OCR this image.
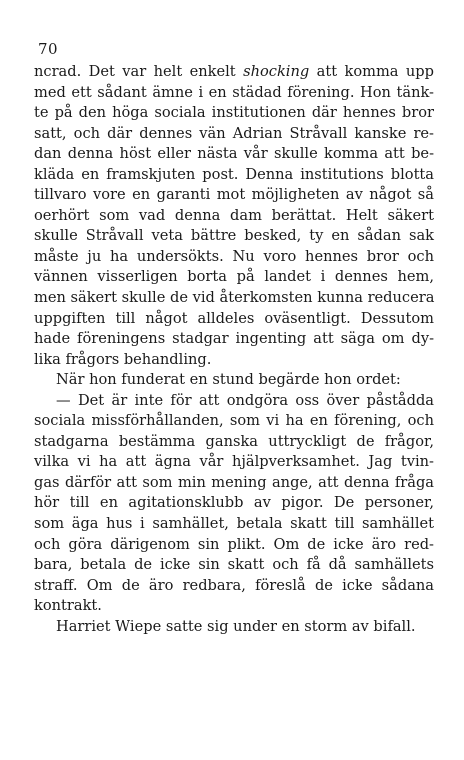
70
ncrad. Det var helt enkelt shocking att komma upp
med ett sådant ämne i en städad förening. Hon tänk-
te på den höga sociala institutionen där hennes bror
satt, och där dennes vän Adrian Stråvall kanske re-
dan denna höst eller nästa vår skulle komma att be-
kläda en framskjuten post. Denna institutions blotta
tillvaro vore en garanti mot möjligheten av något så
oerhört som vad denna dam berättat. Helt säkert
skulle Stråvall veta bättre besked, ty en sådan sak
måste ju ha undersökts. Nu voro hennes bror och
vännen visserligen borta på landet i dennes hem,
men säkert skulle de vid återkomsten kunna reducera
uppgiften till något alldeles oväsentligt. Dessutom
hade föreningens stadgar ingenting att säga om dy-
lika frågors behandling.
När hon funderat en stund begärde hon ordet:
— Det är inte för att ondgöra oss över påstådda
sociala missförhållanden, som vi ha en förening, och
stadgarna bestämma ganska uttryckligt de frågor,
vilka vi ha att ägna vår hjälpverksamhet. Jag tvin-
gas därför att som min mening ange, att denna fråga
hör till en agitationsklubb av pigor. De personer,
som äga hus i samhället, betala skatt till samhället
och göra därigenom sin plikt. Om de icke äro red-
bara, betala de icke sin skatt och få då samhällets
straff. Om de äro redbara, föreslå de icke sådana
kontrakt.
Harriet Wiepe satte sig under en storm av bifall.
